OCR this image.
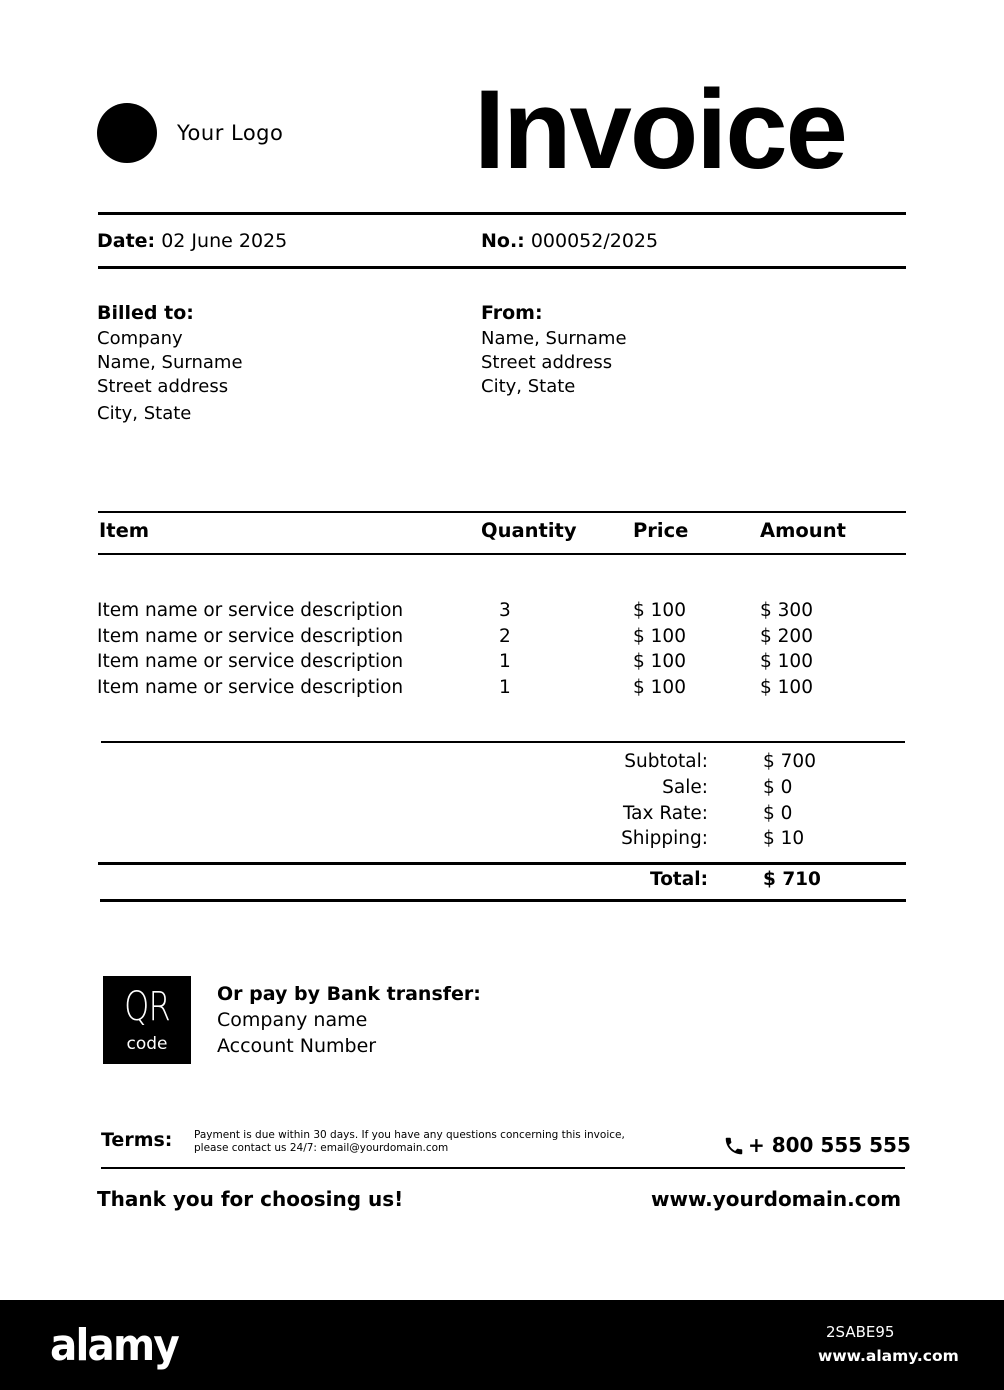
Your Logo Invoice
Date: 02 June 2025	No.: 000052/2025
Billed to:
Company
Name, Surname
Street address
City, State
From:
Name, Surname
Street address
City, State
Item	Quantity	Price	Amount
Item name or service description	3	$ 100	$ 300
Item name or service description	2	$ 100	$ 200
Item name or service description	1	$ 100	$ 100
Item name or service description	1	$ 100	$ 100
Subtotal:	$ 700
Sale:	$ 0
Tax Rate:	$ 0
Shipping:	$ 10
Total:	$ 710
QR
code
Or pay by Bank transfer:
Company name
Account Number
Terms: Payment is due within 30 days. If you have any questions concerning this invoice,
please contact us 24/7: email@yourdomain.com	+ 800 555 555
Thank you for choosing us!	www.yourdomain.com
alamy	2SABE95
www.alamy.com
